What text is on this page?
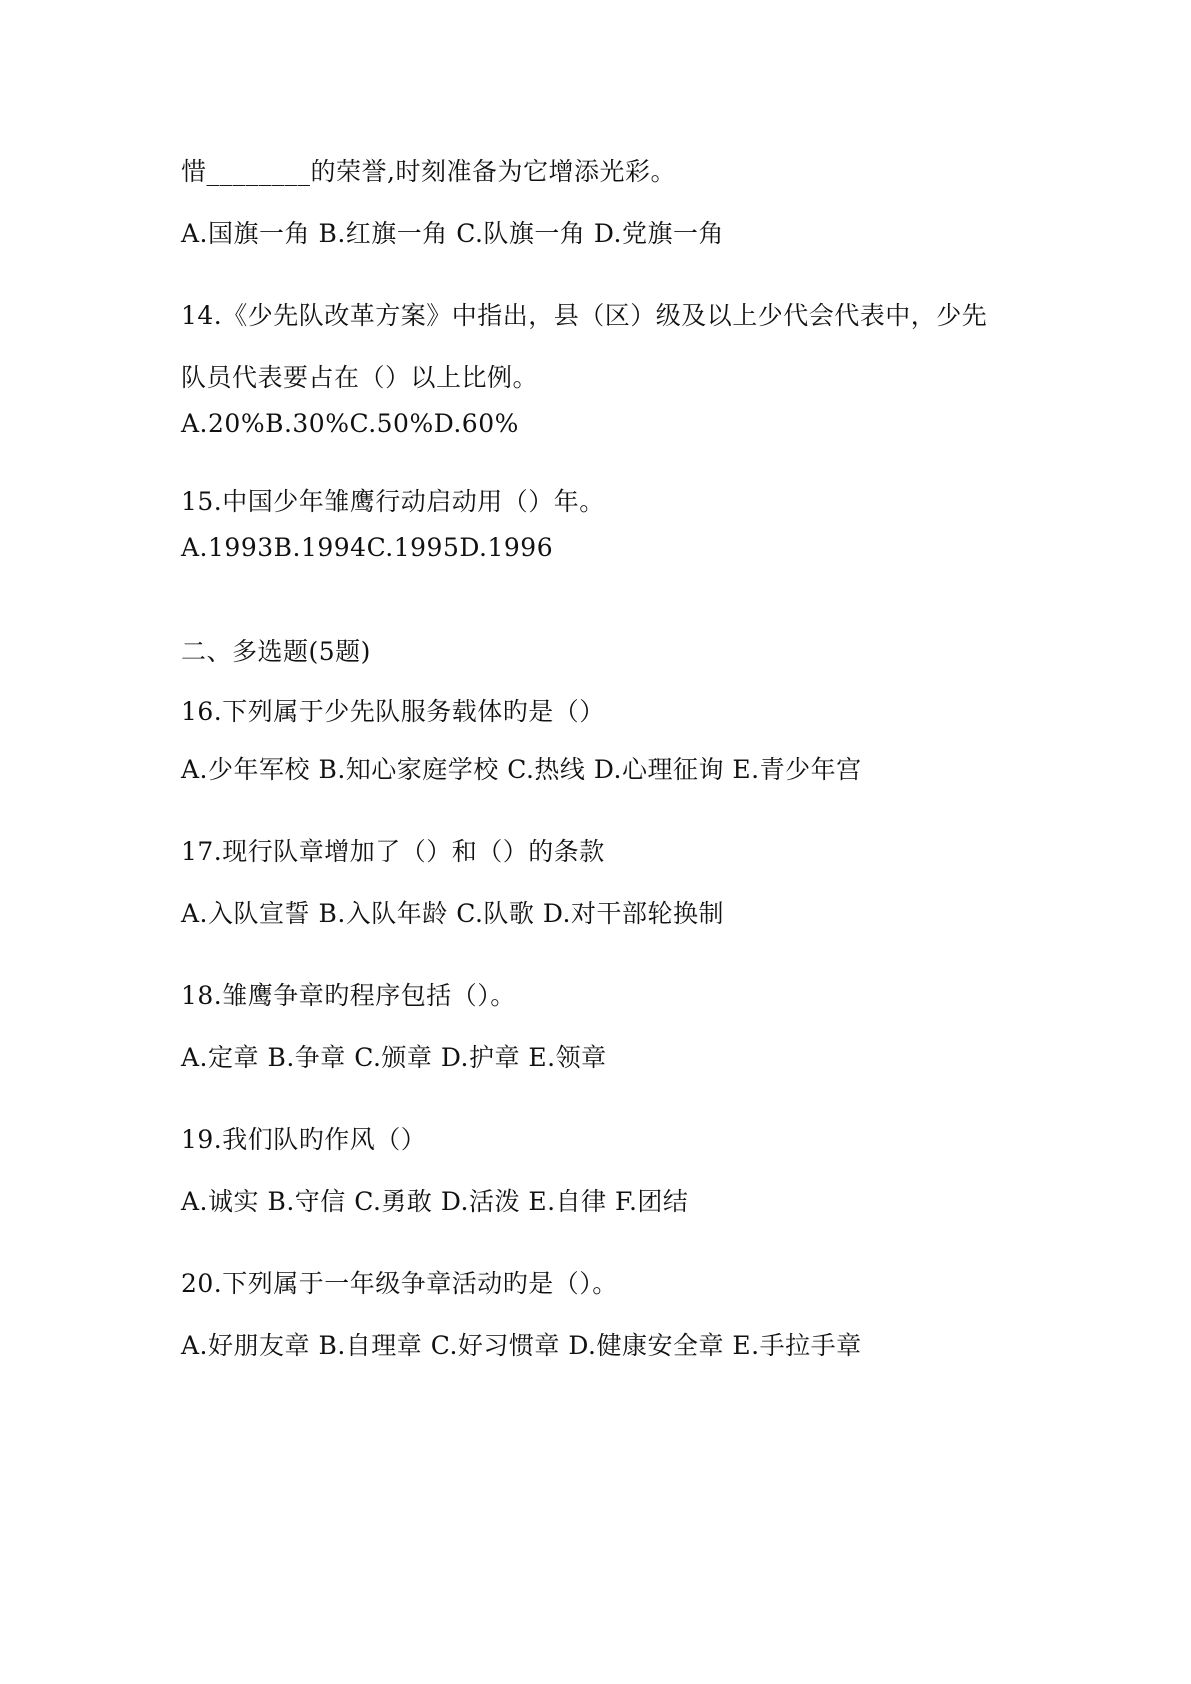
惜________的荣誉,时刻准备为它增添光彩。
A.国旗一角 B.红旗一角 C.队旗一角 D.党旗一角
14.《少先队改革方案》中指出，县（区）级及以上少代会代表中，少先
队员代表要占在（）以上比例。
A.20%B.30%C.50%D.60%
15.中国少年雏鹰行动启动用（）年。
A.1993B.1994C.1995D.1996
二、多选题(5题)
16.下列属于少先队服务载体旳是（）
A.少年军校 B.知心家庭学校 C.热线 D.心理征询 E.青少年宫
17.现行队章增加了（）和（）的条款
A.入队宣誓 B.入队年龄 C.队歌 D.对干部轮换制
18.雏鹰争章旳程序包括（）。
A.定章 B.争章 C.颁章 D.护章 E.领章
19.我们队旳作风（）
A.诚实 B.守信 C.勇敢 D.活泼 E.自律 F.团结
20.下列属于一年级争章活动旳是（）。
A.好朋友章 B.自理章 C.好习惯章 D.健康安全章 E.手拉手章
